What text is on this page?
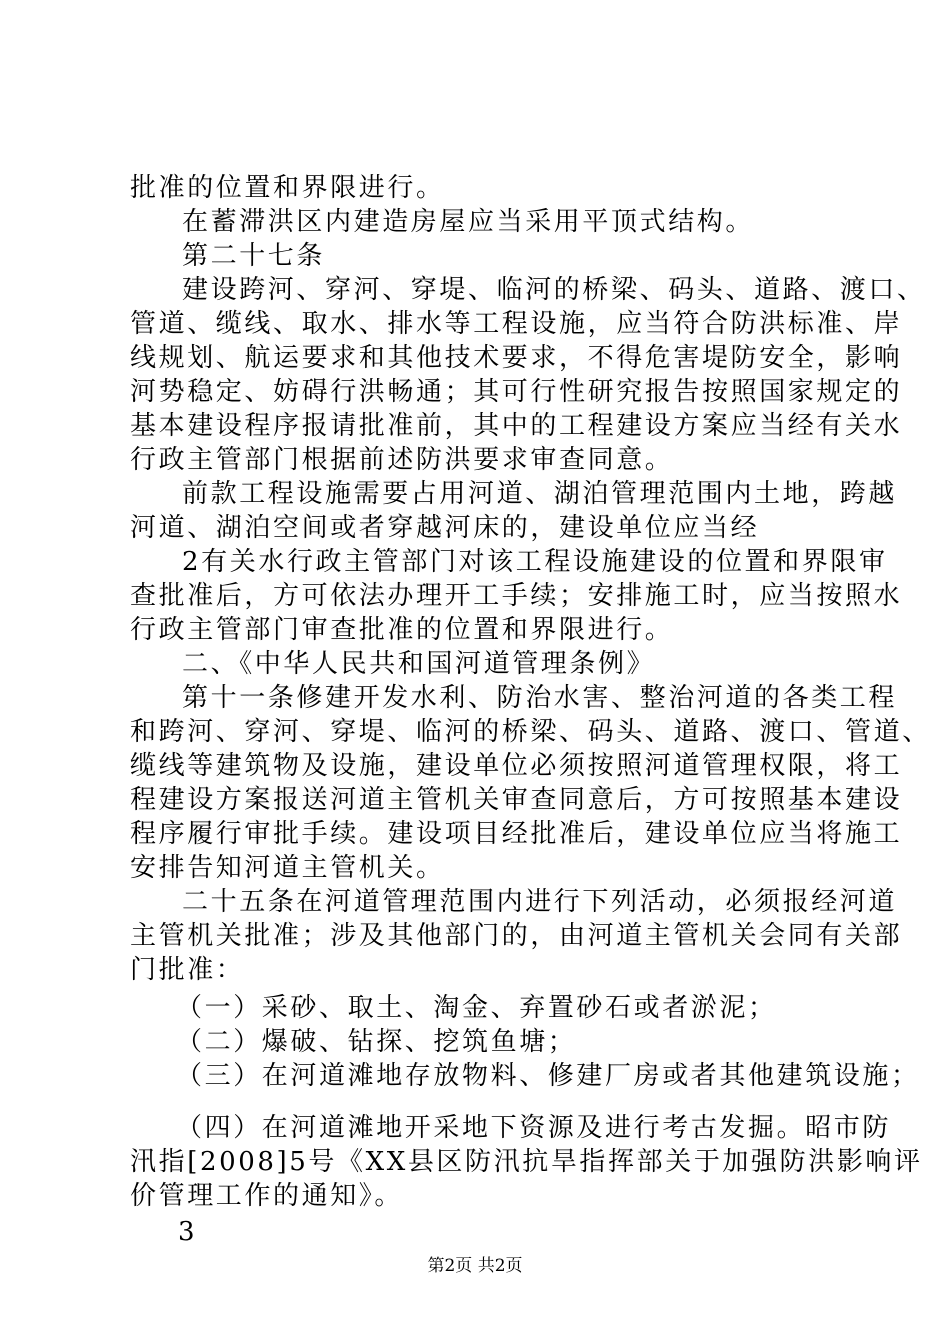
批准的位置和界限进行。
在蓄滞洪区内建造房屋应当采用平顶式结构。
第二十七条
建设跨河、穿河、穿堤、临河的桥梁、码头、道路、渡口、
管道、缆线、取水、排水等工程设施，应当符合防洪标准、岸
线规划、航运要求和其他技术要求，不得危害堤防安全，影响
河势稳定、妨碍行洪畅通；其可行性研究报告按照国家规定的
基本建设程序报请批准前，其中的工程建设方案应当经有关水
行政主管部门根据前述防洪要求审查同意。
前款工程设施需要占用河道、湖泊管理范围内土地，跨越
河道、湖泊空间或者穿越河床的，建设单位应当经
2有关水行政主管部门对该工程设施建设的位置和界限审
查批准后，方可依法办理开工手续；安排施工时，应当按照水
行政主管部门审查批准的位置和界限进行。
二、《中华人民共和国河道管理条例》
第十一条修建开发水利、防治水害、整治河道的各类工程
和跨河、穿河、穿堤、临河的桥梁、码头、道路、渡口、管道、
缆线等建筑物及设施，建设单位必须按照河道管理权限，将工
程建设方案报送河道主管机关审查同意后，方可按照基本建设
程序履行审批手续。建设项目经批准后，建设单位应当将施工
安排告知河道主管机关。
二十五条在河道管理范围内进行下列活动，必须报经河道
主管机关批准；涉及其他部门的，由河道主管机关会同有关部
门批准：
（一）采砂、取土、淘金、弃置砂石或者淤泥；
（二）爆破、钻探、挖筑鱼塘；
（三）在河道滩地存放物料、修建厂房或者其他建筑设施；
（四）在河道滩地开采地下资源及进行考古发掘。昭市防
汛指[2008]5号《XX县区防汛抗旱指挥部关于加强防洪影响评
价管理工作的通知》。
3
第2页 共2页
